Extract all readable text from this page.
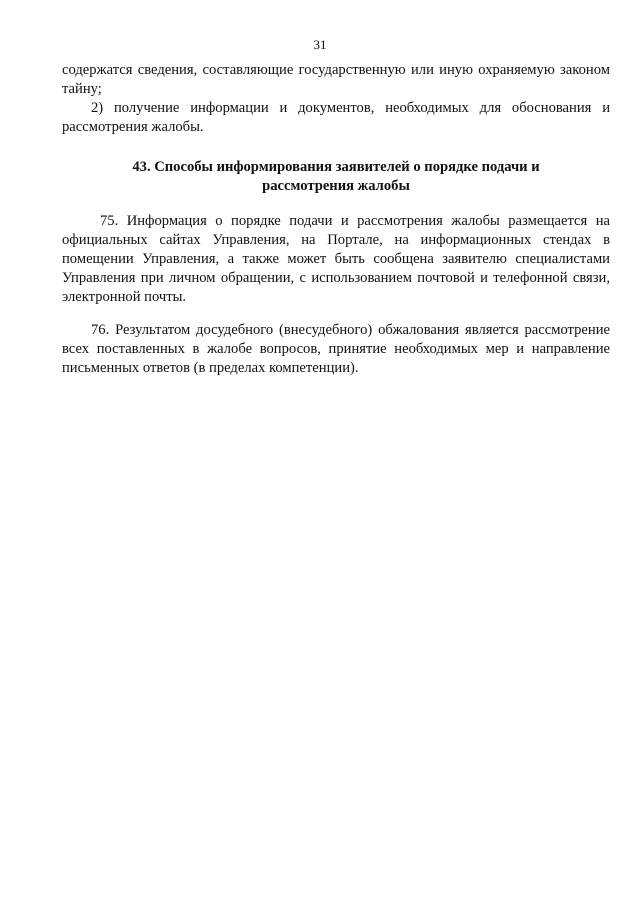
31

содержатся сведения, составляющие государственную или иную охраняемую законом тайну;

2) получение информации и документов, необходимых для обоснования и рассмотрения жалобы.

43. Способы информирования заявителей о порядке подачи и рассмотрения жалобы

75. Информация о порядке подачи и рассмотрения жалобы размещается на официальных сайтах Управления, на Портале, на информационных стендах в помещении Управления, а также может быть сообщена заявителю специалистами Управления при личном обращении, с использованием почтовой и телефонной связи, электронной почты.

76. Результатом досудебного (внесудебного) обжалования является рассмотрение всех поставленных в жалобе вопросов, принятие необходимых мер и направление письменных ответов (в пределах компетенции).
